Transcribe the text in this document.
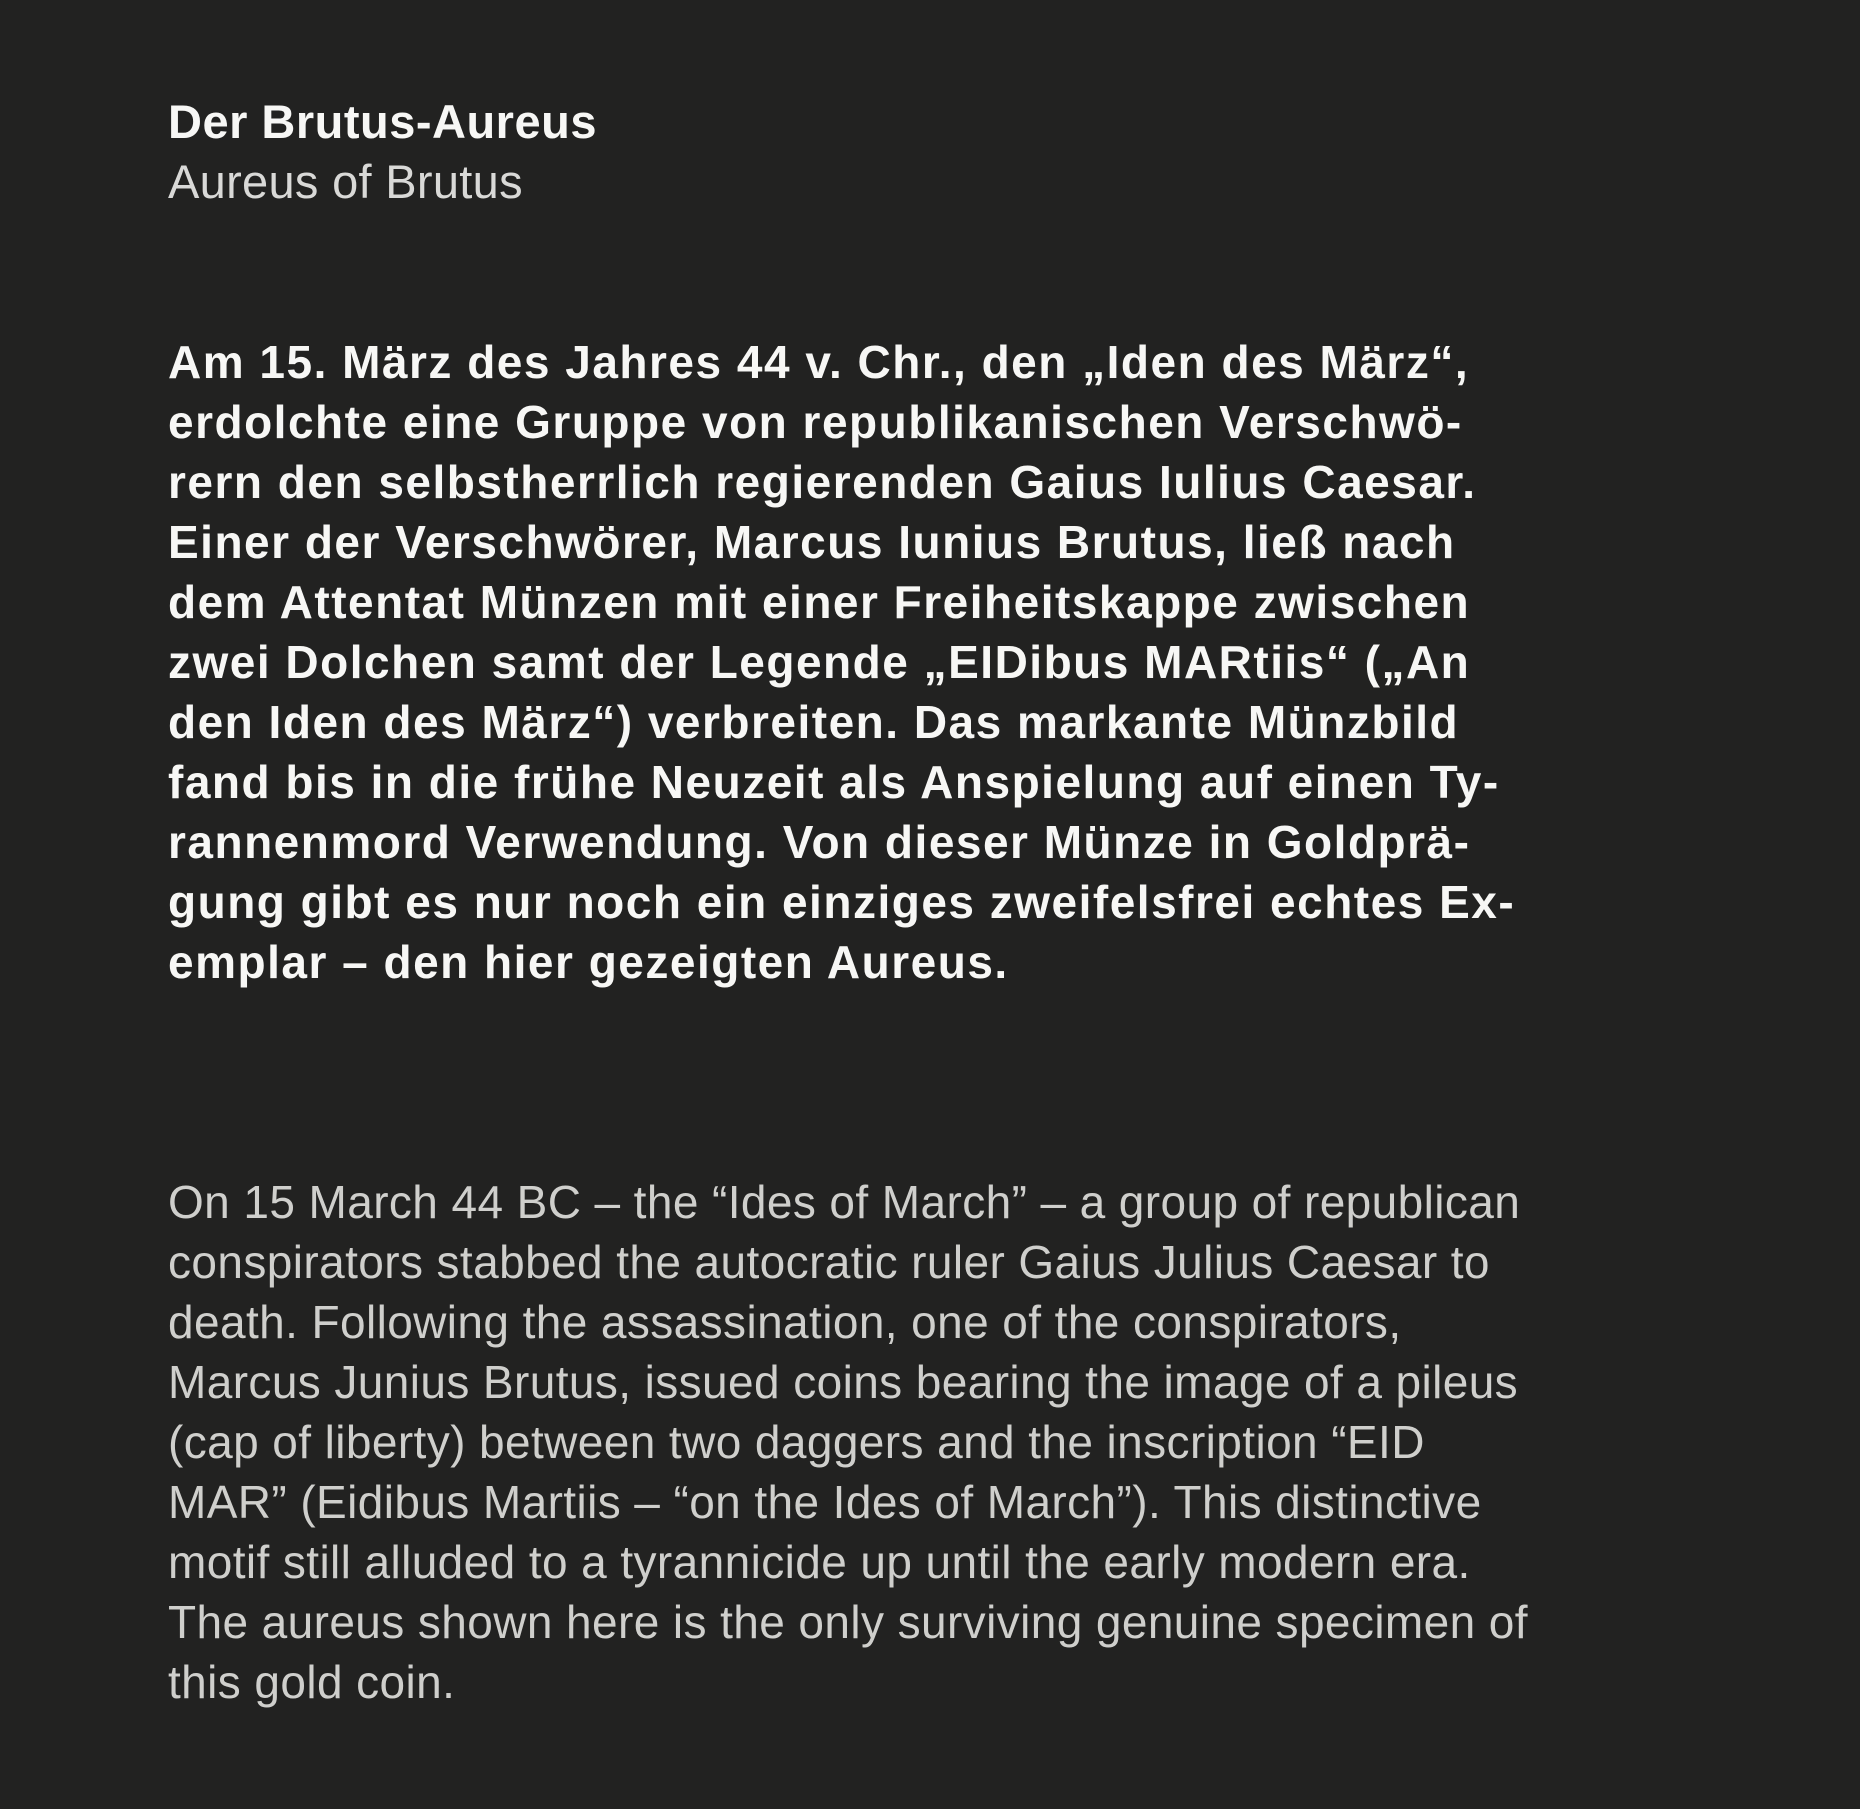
Der Brutus-Aureus
Aureus of Brutus

Am 15. März des Jahres 44 v. Chr., den „Iden des März“,
erdolchte eine Gruppe von republikanischen Verschwö-
rern den selbstherrlich regierenden Gaius Iulius Caesar.
Einer der Verschwörer, Marcus Iunius Brutus, ließ nach
dem Attentat Münzen mit einer Freiheitskappe zwischen
zwei Dolchen samt der Legende „EIDibus MARtiis“ („An
den Iden des März“) verbreiten. Das markante Münzbild
fand bis in die frühe Neuzeit als Anspielung auf einen Ty-
rannenmord Verwendung. Von dieser Münze in Goldprä-
gung gibt es nur noch ein einziges zweifelsfrei echtes Ex-
emplar – den hier gezeigten Aureus.

On 15 March 44 BC – the “Ides of March” – a group of republican
conspirators stabbed the autocratic ruler Gaius Julius Caesar to
death. Following the assassination, one of the conspirators,
Marcus Junius Brutus, issued coins bearing the image of a pileus
(cap of liberty) between two daggers and the inscription “EID
MAR” (Eidibus Martiis – “on the Ides of March”). This distinctive
motif still alluded to a tyrannicide up until the early modern era.
The aureus shown here is the only surviving genuine specimen of
this gold coin.
